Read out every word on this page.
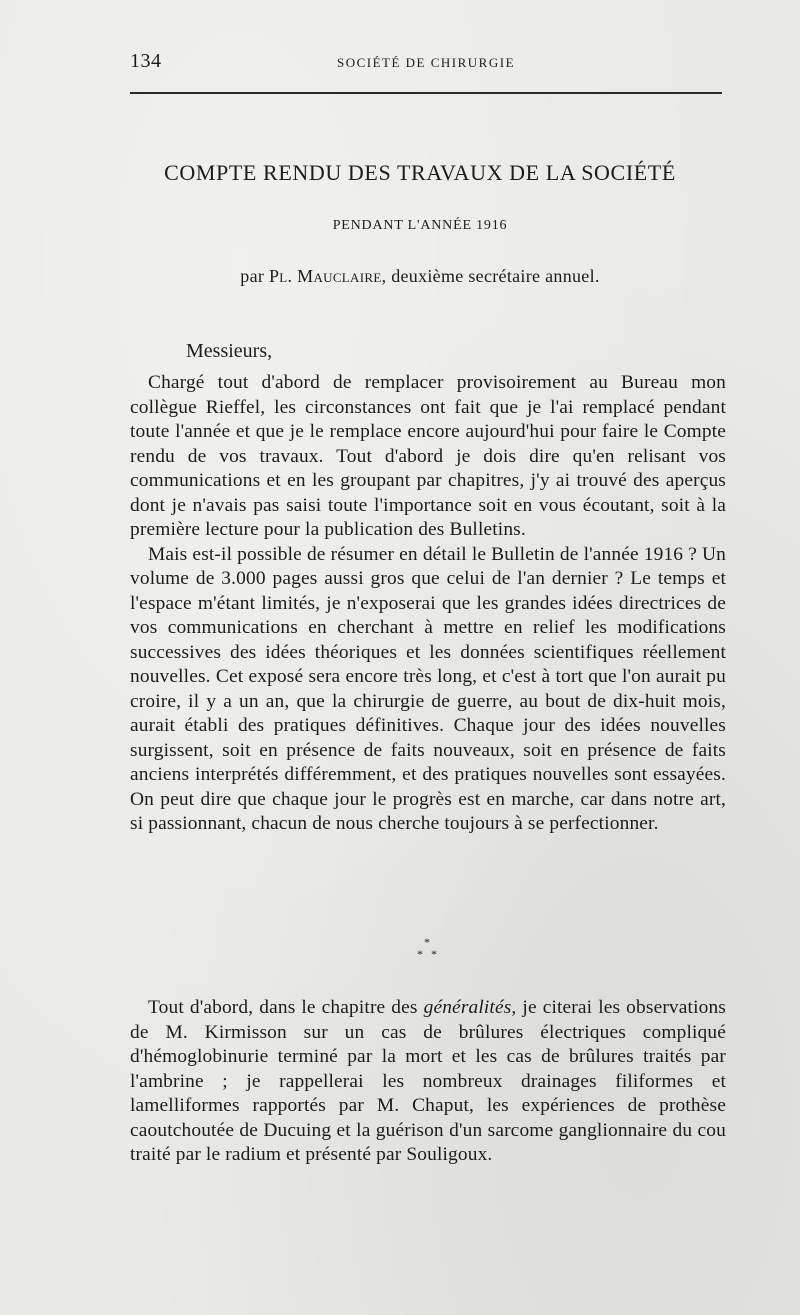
134	SOCIÉTÉ DE CHIRURGIE
COMPTE RENDU DES TRAVAUX DE LA SOCIÉTÉ
PENDANT L'ANNÉE 1916
par Pl. Mauclaire, deuxième secrétaire annuel.
Messieurs,

Chargé tout d'abord de remplacer provisoirement au Bureau mon collègue Rieffel, les circonstances ont fait que je l'ai remplacé pendant toute l'année et que je le remplace encore aujourd'hui pour faire le Compte rendu de vos travaux. Tout d'abord je dois dire qu'en relisant vos communications et en les groupant par chapitres, j'y ai trouvé des aperçus dont je n'avais pas saisi toute l'importance soit en vous écoutant, soit à la première lecture pour la publication des Bulletins.

Mais est-il possible de résumer en détail le Bulletin de l'année 1916 ? Un volume de 3.000 pages aussi gros que celui de l'an dernier ? Le temps et l'espace m'étant limités, je n'exposerai que les grandes idées directrices de vos communications en cherchant à mettre en relief les modifications successives des idées théoriques et les données scientifiques réellement nouvelles. Cet exposé sera encore très long, et c'est à tort que l'on aurait pu croire, il y a un an, que la chirurgie de guerre, au bout de dix-huit mois, aurait établi des pratiques définitives. Chaque jour des idées nouvelles surgissent, soit en présence de faits nouveaux, soit en présence de faits anciens interprétés différemment, et des pratiques nouvelles sont essayées. On peut dire que chaque jour le progrès est en marche, car dans notre art, si passionnant, chacun de nous cherche toujours à se perfectionner.

*
* *

Tout d'abord, dans le chapitre des généralités, je citerai les observations de M. Kirmisson sur un cas de brûlures électriques compliqué d'hémoglobinurie terminé par la mort et les cas de brûlures traités par l'ambrine ; je rappellerai les nombreux drainages filiformes et lamelliformes rapportés par M. Chaput, les expériences de prothèse caoutchoutée de Ducuing et la guérison d'un sarcome ganglionnaire du cou traité par le radium et présenté par Souligoux.
